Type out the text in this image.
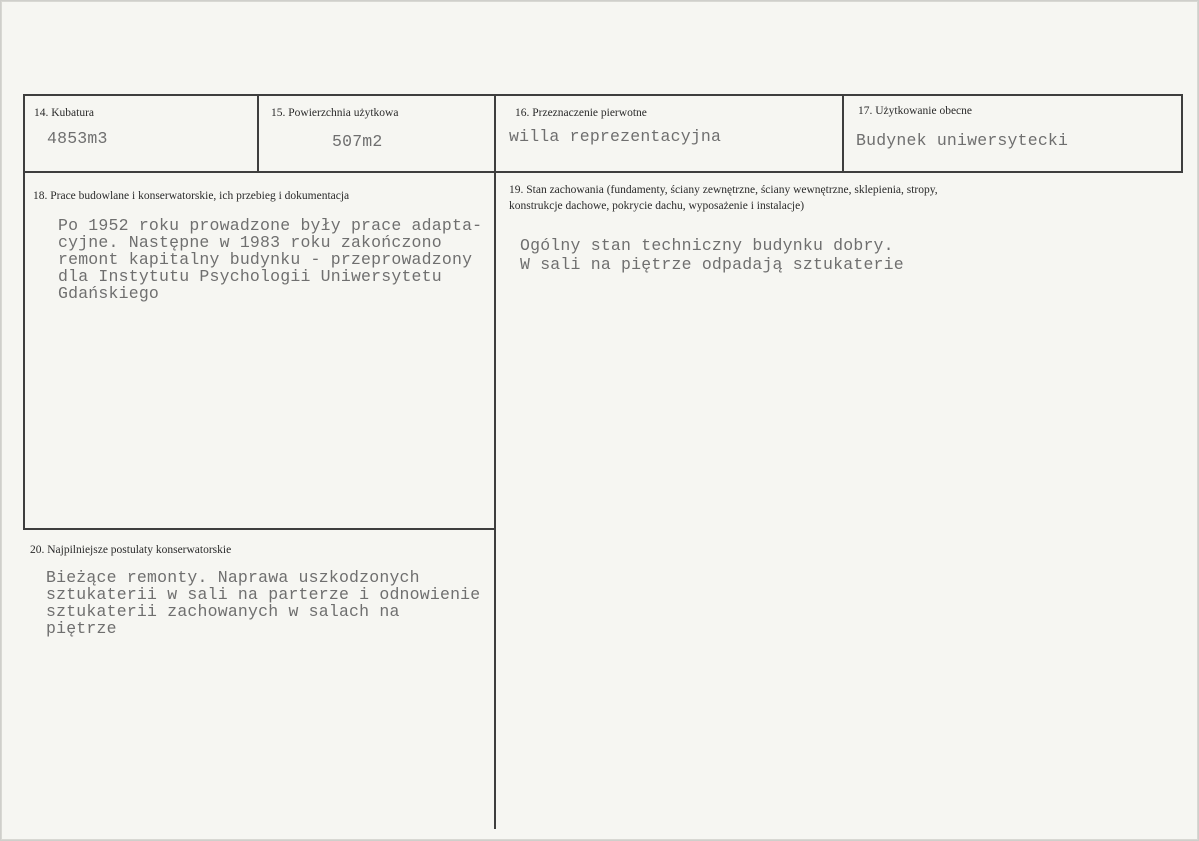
14. Kubatura
4853m3
15. Powierzchnia użytkowa
507m2
16. Przeznaczenie pierwotne
willa reprezentacyjna
17. Użytkowanie obecne
Budynek uniwersytecki
18. Prace budowlane i konserwatorskie, ich przebieg i dokumentacja
Po 1952 roku prowadzone były prace adapta-
cyjne. Następne w 1983 roku zakończono
remont kapitalny budynku - przeprowadzony
dla Instytutu Psychologii Uniwersytetu
Gdańskiego
19. Stan zachowania (fundamenty, ściany zewnętrzne, ściany wewnętrzne, sklepienia, stropy,
konstrukcje dachowe, pokrycie dachu, wyposażenie i instalacje)
Ogólny stan techniczny budynku dobry.
W sali na piętrze odpadają sztukaterie
20. Najpilniejsze postulaty konserwatorskie
Bieżące remonty. Naprawa uszkodzonych
sztukaterii w sali na parterze i odnowienie
sztukaterii zachowanych w salach na
piętrze
